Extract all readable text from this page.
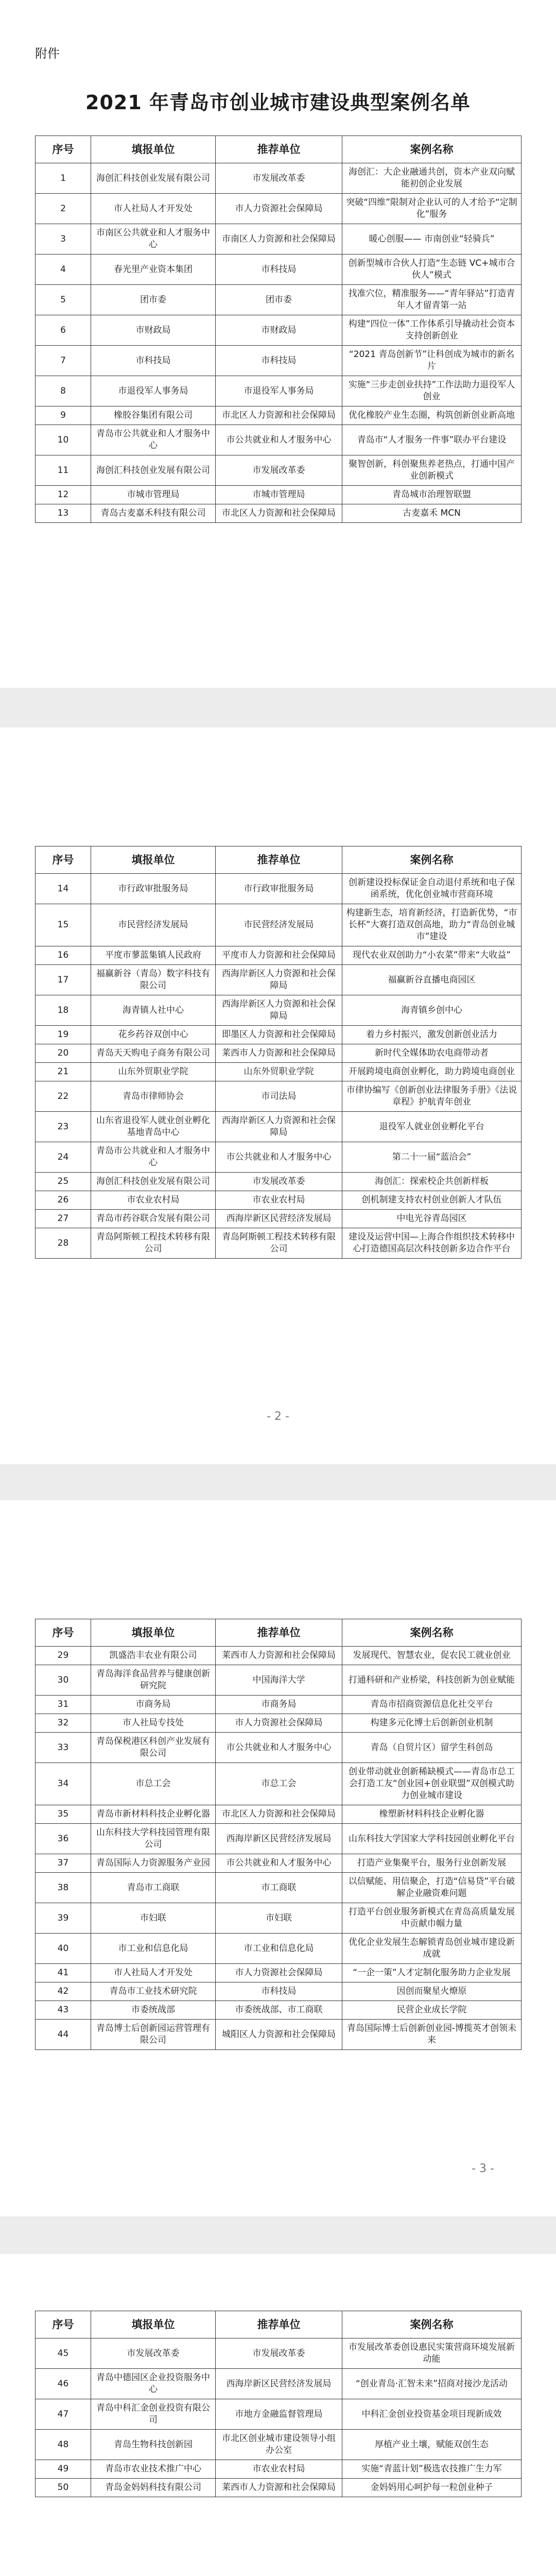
附件
2021 年青岛市创业城市建设典型案例名单
序号	填报单位	推荐单位	案例名称
1	海创汇科技创业发展有限公司	市发展改革委	海创汇：大企业融通共创，资本产业双向赋能初创企业发展
2	市人社局人才开发处	市人力资源社会保障局	突破“四维”限制对企业认可的人才给予“定制化”服务
3	市南区公共就业和人才服务中心	市南区人力资源和社会保障局	暖心创服—— 市南创业“轻骑兵”
4	春光里产业资本集团	市科技局	创新型城市合伙人打造“生态链 VC+城市合伙人”模式
5	团市委	团市委	找准穴位，精准服务——“青年驿站”打造青年人才留青第一站
6	市财政局	市财政局	构建“四位一体”工作体系引导撬动社会资本支持创新创业
7	市科技局	市科技局	“2021 青岛创新节”让科创成为城市的新名片
8	市退役军人事务局	市退役军人事务局	实施“三步走创业扶持”工作法助力退役军人创业
9	橡胶谷集团有限公司	市北区人力资源和社会保障局	优化橡胶产业生态圈，构筑创新创业新高地
10	青岛市公共就业和人才服务中心	市公共就业和人才服务中心	青岛市“人才服务一件事”联办平台建设
11	海创汇科技创业发展有限公司	市发展改革委	聚智创新，科创聚焦养老热点，打通中国产业创新模式
12	市城市管理局	市城市管理局	青岛城市治理智联盟
13	青岛古麦嘉禾科技有限公司	市北区人力资源和社会保障局	古麦嘉禾 MCN
序号	填报单位	推荐单位	案例名称
14	市行政审批服务局	市行政审批服务局	创新建设投标保证金自动退付系统和电子保函系统，优化创业城市营商环境
15	市民营经济发展局	市民营经济发展局	构建新生态，培育新经济，打造新优势，“市长杯”大赛打造双创高地，助力“青岛创业城市”建设
16	平度市蓼蓝集镇人民政府	平度市人力资源和社会保障局	现代农业双创助力“小农菜”带来“大收益”
17	福赢新谷（青岛）数字科技有限公司	西海岸新区人力资源和社会保障局	福赢新谷直播电商园区
18	海青镇人社中心	西海岸新区人力资源和社会保障局	海青镇乡创中心
19	花乡药谷双创中心	即墨区人力资源和社会保障局	着力乡村振兴，激发创新创业活力
20	青岛天天购电子商务有限公司	莱西市人力资源和社会保障局	新时代全媒体助农电商带动者
21	山东外贸职业学院	山东外贸职业学院	开展跨境电商创业孵化，助力跨境电商创业
22	青岛市律师协会	市司法局	市律协编写《创新创业法律服务手册》《法说章程》护航青年创业
23	山东省退役军人就业创业孵化基地青岛中心	西海岸新区人力资源和社会保障局	退役军人就业创业孵化平台
24	青岛市公共就业和人才服务中心	市公共就业和人才服务中心	第二十一届“蓝洽会”
25	海创汇科技创业发展有限公司	市发展改革委	海创汇：探索校企共创新样板
26	市农业农村局	市农业农村局	创机制建支持农村创业创新人才队伍
27	青岛市药谷联合发展有限公司	西海岸新区民营经济发展局	中电光谷青岛园区
28	青岛阿斯顿工程技术转移有限公司	青岛阿斯顿工程技术转移有限公司	建设及运营中国—上海合作组织技术转移中心打造德国高层次科技创新多边合作平台
- 2 -
序号	填报单位	推荐单位	案例名称
29	凯盛浩丰农业有限公司	莱西市人力资源和社会保障局	发展现代、智慧农业，促农民工就业创业
30	青岛海洋食品营养与健康创新研究院	中国海洋大学	打通科研和产业桥梁，科技创新为创业赋能
31	市商务局	市商务局	青岛市招商资源信息化社交平台
32	市人社局专技处	市人力资源社会保障局	构建多元化博士后创新创业机制
33	青岛保税港区科创产业发展有限公司	市公共就业和人才服务中心	青岛（自贸片区）留学生科创岛
34	市总工会	市总工会	创业带动就业创新稀缺模式——青岛市总工会打造工友“创业园+创业联盟”双创模式助力创业城市建设
35	青岛市新材料科技企业孵化器	市北区人力资源和社会保障局	橡塑新材料科技企业孵化器
36	山东科技大学科技园管理有限公司	西海岸新区民营经济发展局	山东科技大学国家大学科技园创业孵化平台
37	青岛国际人力资源服务产业园	市公共就业和人才服务中心	打造产业集聚平台，服务行业创新发展
38	青岛市工商联	市工商联	以信赋能、用信聚企，打造“信易贷”平台破解企业融资难问题
39	市妇联	市妇联	打造平台创业服务新模式在青岛高质量发展中贡献巾帼力量
40	市工业和信息化局	市工业和信息化局	优化企业发展生态解锁青岛创业城市建设新成就
41	市人社局人才开发处	市人力资源社会保障局	“一企一策”人才定制化服务助力企业发展
42	青岛市工业技术研究院	市科技局	因创而聚星火燎原
43	市委统战部	市委统战部、市工商联	民营企业成长学院
44	青岛博士后创新园运营管理有限公司	城阳区人力资源和社会保障局	青岛国际博士后创新创业园-博揽英才创领未来
- 3 -
序号	填报单位	推荐单位	案例名称
45	市发展改革委	市发展改革委	市发展改革委创设惠民实策营商环境发展新动能
46	青岛中德园区企业投资服务中心	西海岸新区民营经济发展局	“创业青岛·汇智未来”招商对接沙龙活动
47	青岛中科汇金创业投资有限公司	市地方金融监督管理局	中科汇金创业投资基金项目现新成效
48	青岛生物科技创新园	市北区创业城市建设领导小组办公室	厚植产业土壤，赋能双创生态
49	青岛市农业技术推广中心	市农业农村局	实施“青蓝计划”极选农技推广生力军
50	青岛金妈妈科技有限公司	莱西市人力资源和社会保障局	金妈妈用心呵护每一粒创业种子
